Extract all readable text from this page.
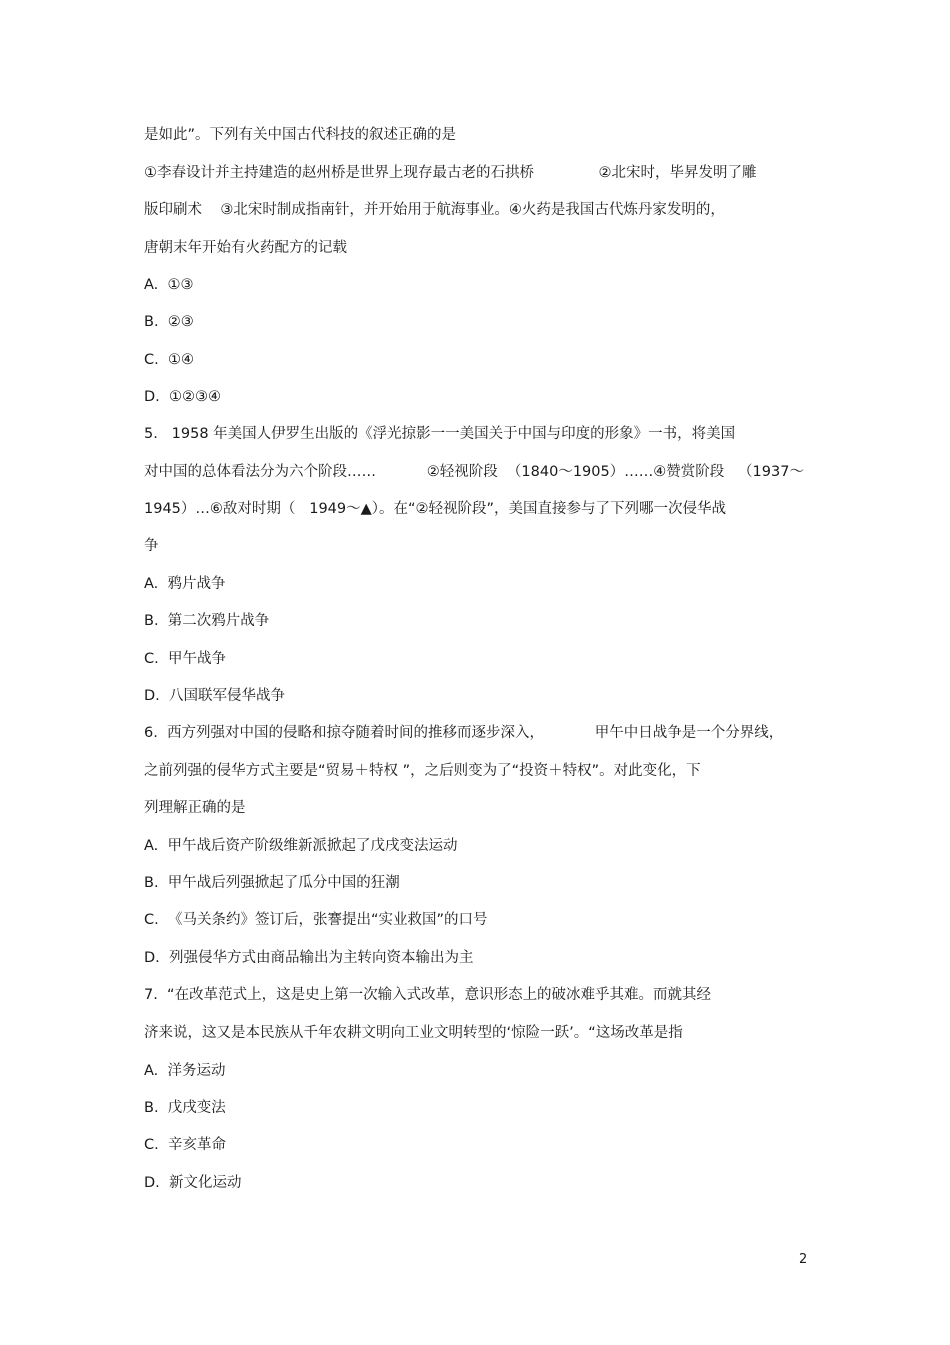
是如此”。下列有关中国古代科技的叙述正确的是
①李春设计并主持建造的赵州桥是世界上现存最古老的石拱桥              ②北宋时，毕昇发明了雕
版印刷术    ③北宋时制成指南针，并开始用于航海事业。④火药是我国古代炼丹家发明的，
唐朝末年开始有火药配方的记载
A.  ①③
B.  ②③
C.  ①④
D.  ①②③④
5.   1958 年美国人伊罗生出版的《浮光掠影一一美国关于中国与印度的形象》一书，将美国
对中国的总体看法分为六个阶段……           ②轻视阶段  （1840～1905）……④赞赏阶段   （1937～
1945）…⑥敌对时期（   1949～▲）。在“②轻视阶段”，美国直接参与了下列哪一次侵华战
争
A.  鸦片战争
B.  第二次鸦片战争
C.  甲午战争
D.  八国联军侵华战争
6.  西方列强对中国的侵略和掠夺随着时间的推移而逐步深入，           甲午中日战争是一个分界线，
之前列强的侵华方式主要是“贸易＋特权 ”，之后则变为了“投资＋特权”。对此变化，下
列理解正确的是
A.  甲午战后资产阶级维新派掀起了戊戌变法运动
B.  甲午战后列强掀起了瓜分中国的狂潮
C.  《马关条约》签订后，张謇提出“实业救国”的口号
D.  列强侵华方式由商品输出为主转向资本输出为主
7.  “在改革范式上，这是史上第一次输入式改革，意识形态上的破冰难乎其难。而就其经
济来说，这又是本民族从千年农耕文明向工业文明转型的‘惊险一跃’。“这场改革是指
A.  洋务运动
B.  戊戌变法
C.  辛亥革命
D.  新文化运动
2
